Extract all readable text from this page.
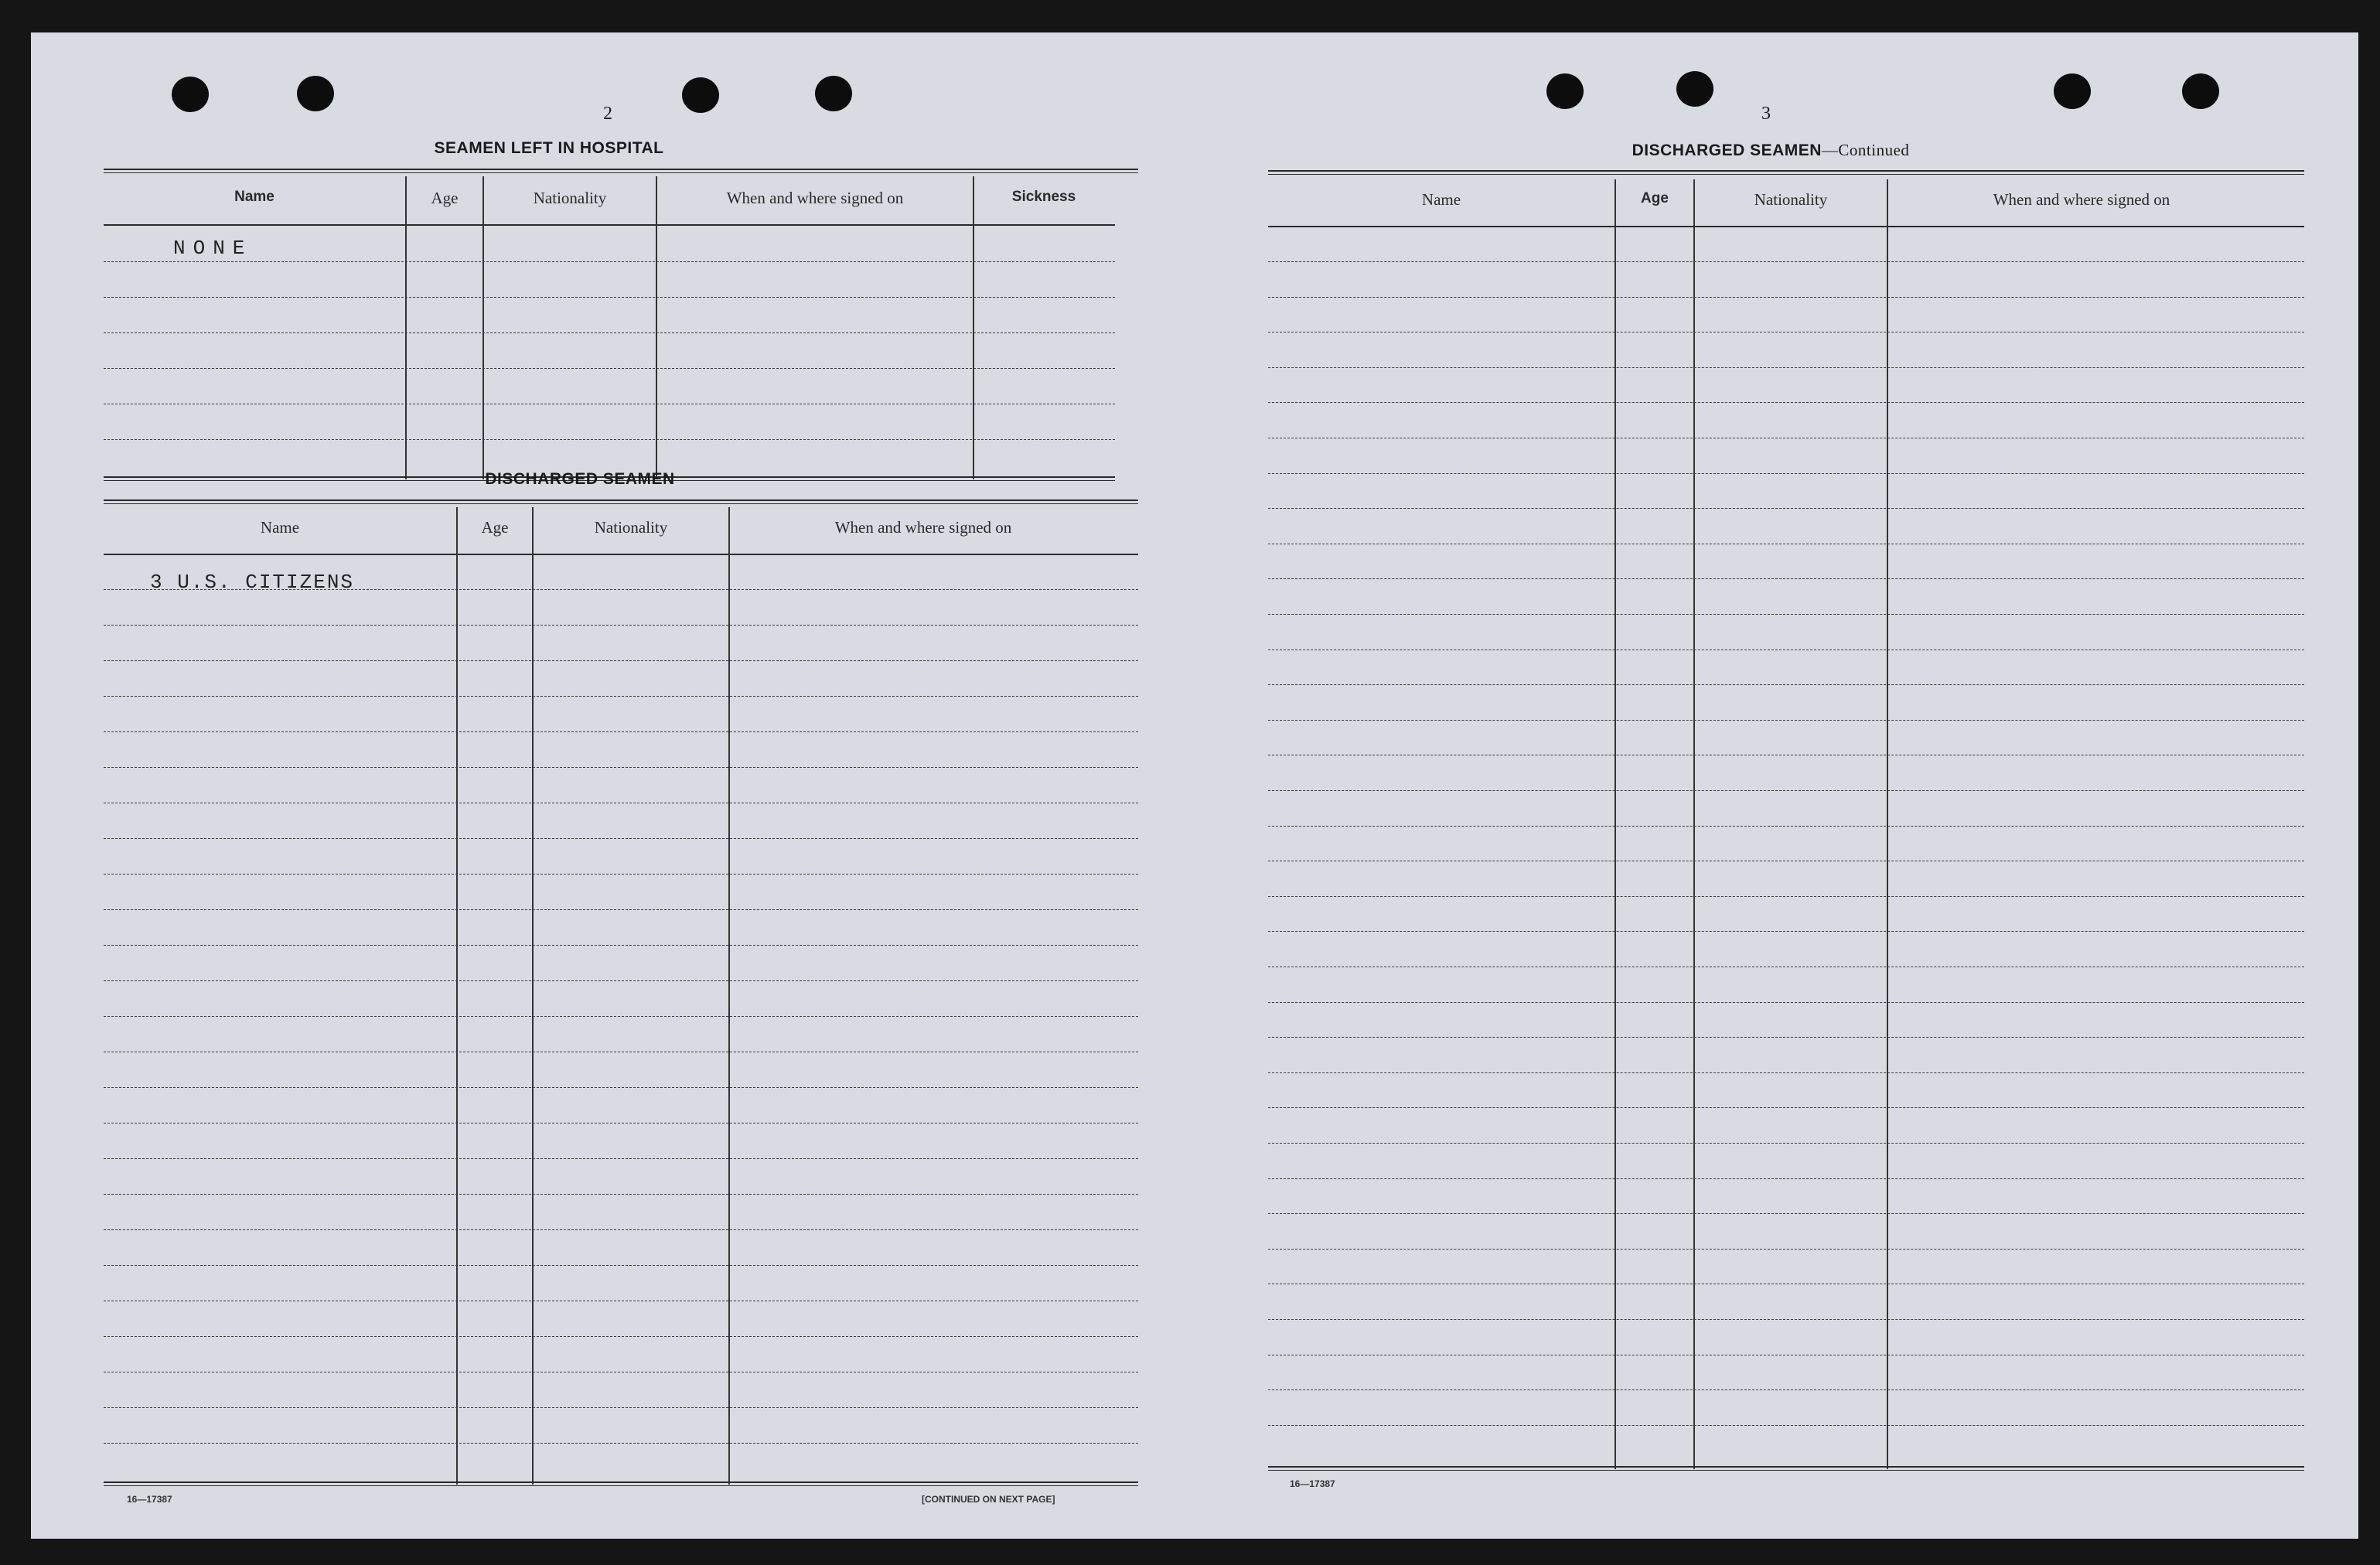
2
SEAMEN LEFT IN HOSPITAL
Name	Age	Nationality	When and where signed on	Sickness
NONE
DISCHARGED SEAMEN
Name	Age	Nationality	When and where signed on
3 U.S. CITIZENS
16—17387	[CONTINUED ON NEXT PAGE]
3
DISCHARGED SEAMEN—Continued
Name	Age	Nationality	When and where signed on
16—17387
